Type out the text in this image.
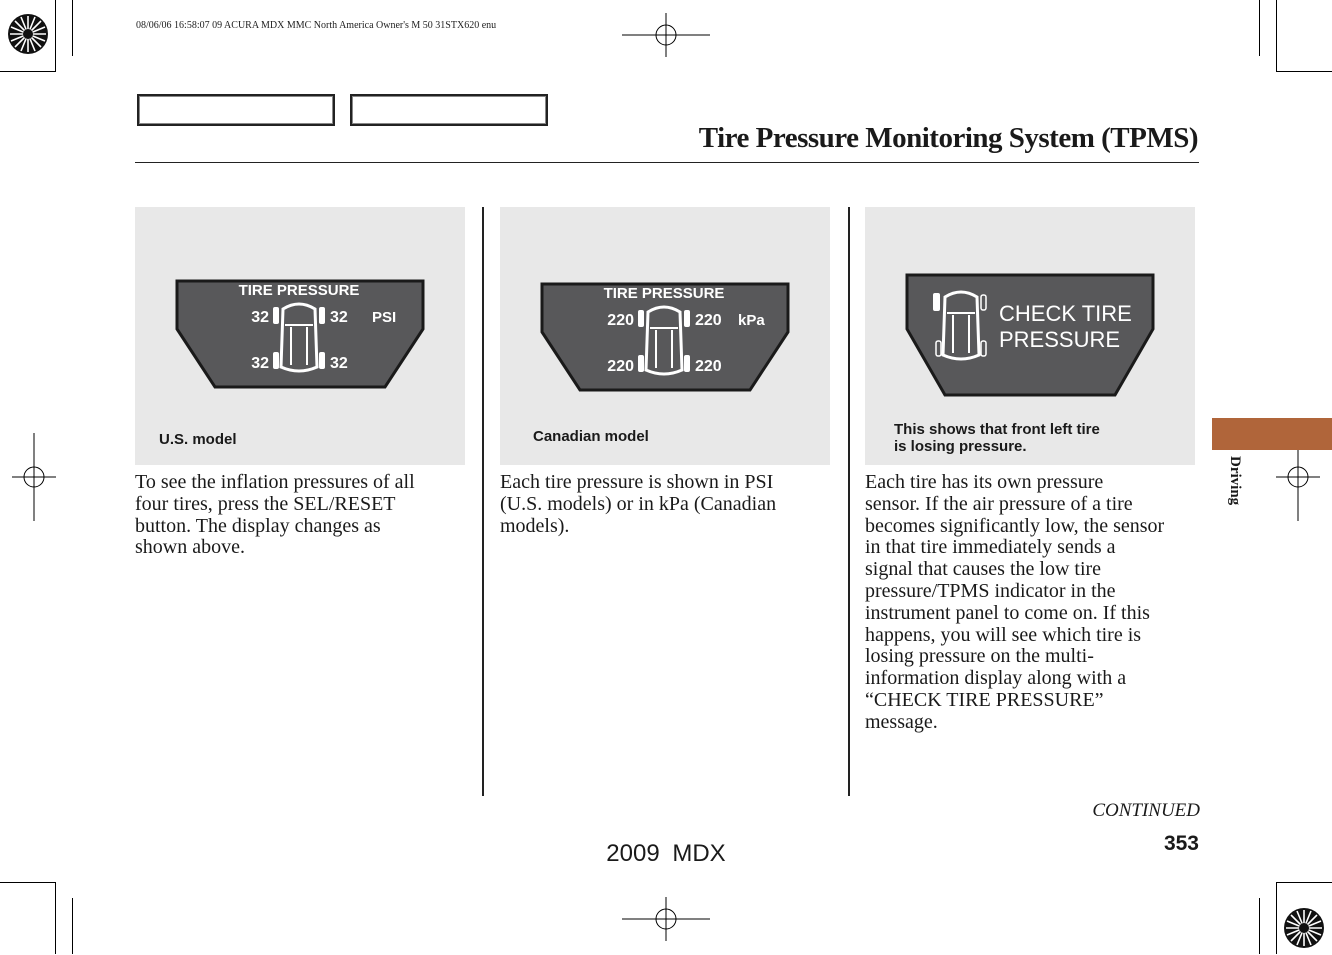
08/06/06 16:58:07 09 ACURA MDX MMC North America Owner's M 50 31STX620 enu
Tire Pressure Monitoring System (TPMS)
TIRE PRESSURE
32	32
32	32
PSI
U.S. model
TIRE PRESSURE
220	220
220	220
kPa
Canadian model
CHECK TIRE
PRESSURE
This shows that front left tire
is losing pressure.
To see the inflation pressures of all
four tires, press the SEL/RESET
button. The display changes as
shown above.
Each tire pressure is shown in PSI
(U.S. models) or in kPa (Canadian
models).
Each tire has its own pressure
sensor. If the air pressure of a tire
becomes significantly low, the sensor
in that tire immediately sends a
signal that causes the low tire
pressure/TPMS indicator in the
instrument panel to come on. If this
happens, you will see which tire is
losing pressure on the multi-
information display along with a
“CHECK TIRE PRESSURE”
message.
Driving
CONTINUED
353
2009 MDX
